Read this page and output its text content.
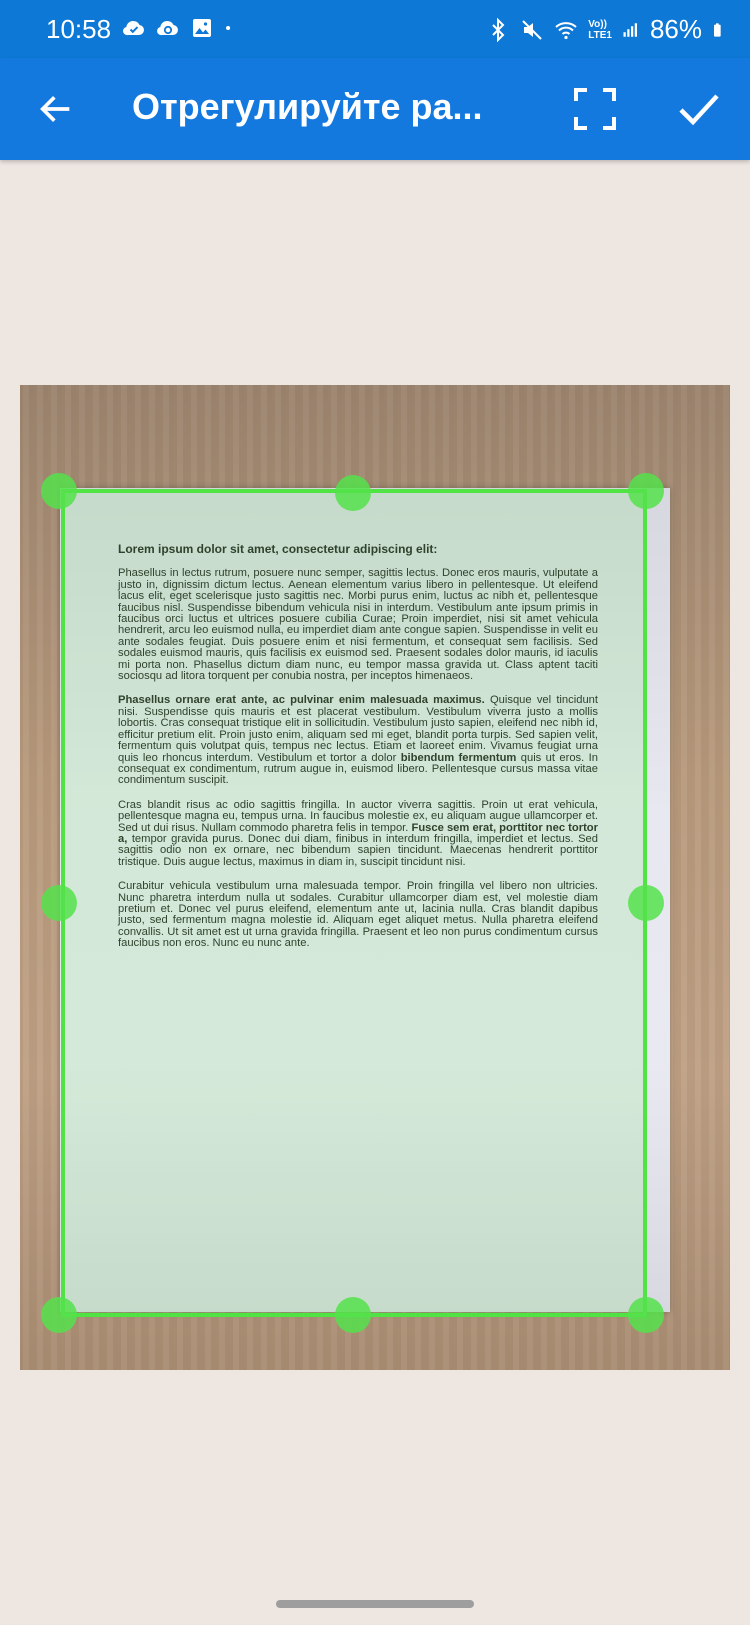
10:58	Vo))
LTE1 86%
Отрегулируйте ра...
Lorem ipsum dolor sit amet, consectetur adipiscing elit:

Phasellus in lectus rutrum, posuere nunc semper, sagittis lectus. Donec eros mauris, vulputate a justo in, dignissim dictum lectus. Aenean elementum varius libero in pellentesque. Ut eleifend lacus elit, eget scelerisque justo sagittis nec. Morbi purus enim, luctus ac nibh et, pellentesque faucibus nisl. Suspendisse bibendum vehicula nisi in interdum. Vestibulum ante ipsum primis in faucibus orci luctus et ultrices posuere cubilia Curae; Proin imperdiet, nisi sit amet vehicula hendrerit, arcu leo euismod nulla, eu imperdiet diam ante congue sapien. Suspendisse in velit eu ante sodales feugiat. Duis posuere enim et nisi fermentum, et consequat sem facilisis. Sed sodales euismod mauris, quis facilisis ex euismod sed. Praesent sodales dolor mauris, id iaculis mi porta non. Phasellus dictum diam nunc, eu tempor massa gravida ut. Class aptent taciti sociosqu ad litora torquent per conubia nostra, per inceptos himenaeos.

Phasellus ornare erat ante, ac pulvinar enim malesuada maximus. Quisque vel tincidunt nisi. Suspendisse quis mauris et est placerat vestibulum. Vestibulum viverra justo a mollis lobortis. Cras consequat tristique elit in sollicitudin. Vestibulum justo sapien, eleifend nec nibh id, efficitur pretium elit. Proin justo enim, aliquam sed mi eget, blandit porta turpis. Sed sapien velit, fermentum quis volutpat quis, tempus nec lectus. Etiam et laoreet enim. Vivamus feugiat urna quis leo rhoncus interdum. Vestibulum et tortor a dolor bibendum fermentum quis ut eros. In consequat ex condimentum, rutrum augue in, euismod libero. Pellentesque cursus massa vitae condimentum suscipit.

Cras blandit risus ac odio sagittis fringilla. In auctor viverra sagittis. Proin ut erat vehicula, pellentesque magna eu, tempus urna. In faucibus molestie ex, eu aliquam augue ullamcorper et. Sed ut dui risus. Nullam commodo pharetra felis in tempor. Fusce sem erat, porttitor nec tortor a, tempor gravida purus. Donec dui diam, finibus in interdum fringilla, imperdiet et lectus. Sed sagittis odio non ex ornare, nec bibendum sapien tincidunt. Maecenas hendrerit porttitor tristique. Duis augue lectus, maximus in diam in, suscipit tincidunt nisi.

Curabitur vehicula vestibulum urna malesuada tempor. Proin fringilla vel libero non ultricies. Nunc pharetra interdum nulla ut sodales. Curabitur ullamcorper diam est, vel molestie diam pretium et. Donec vel purus eleifend, elementum ante ut, lacinia nulla. Cras blandit dapibus justo, sed fermentum magna molestie id. Aliquam eget aliquet metus. Nulla pharetra eleifend convallis. Ut sit amet est ut urna gravida fringilla. Praesent et leo non purus condimentum cursus faucibus non eros. Nunc eu nunc ante.
